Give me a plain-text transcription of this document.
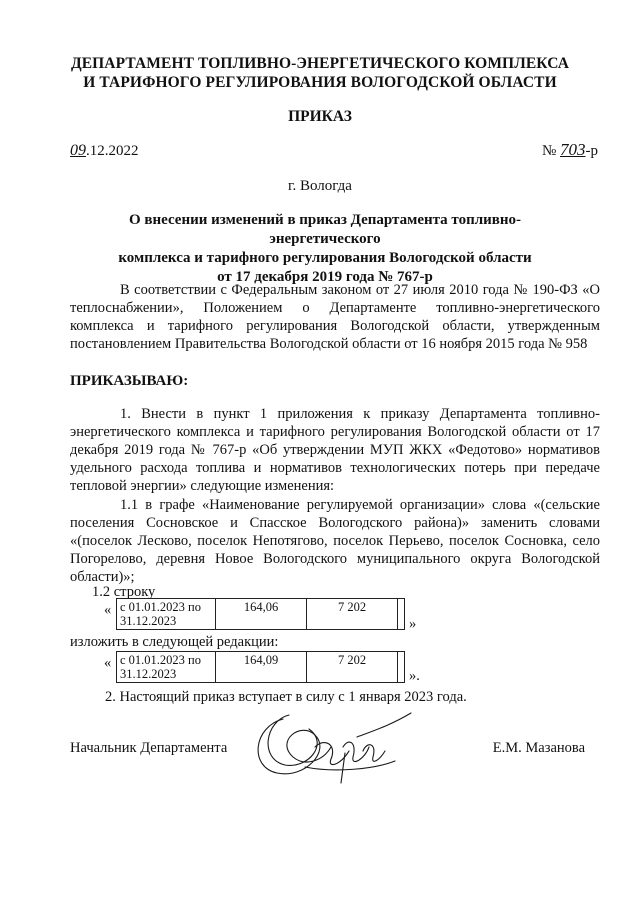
ДЕПАРТАМЕНТ ТОПЛИВНО-ЭНЕРГЕТИЧЕСКОГО КОМПЛЕКСА
И ТАРИФНОГО РЕГУЛИРОВАНИЯ ВОЛОГОДСКОЙ ОБЛАСТИ
ПРИКАЗ
09.12.2022	№ 703-р
г. Вологда
О внесении изменений в приказ Департамента топливно-энергетического
комплекса и тарифного регулирования Вологодской области
от 17 декабря 2019 года № 767-р
В соответствии с Федеральным законом от 27 июля 2010 года № 190-ФЗ «О теплоснабжении», Положением о Департаменте топливно-энергетического комплекса и тарифного регулирования Вологодской области, утвержденным постановлением Правительства Вологодской области от 16 ноября 2015 года № 958
ПРИКАЗЫВАЮ:
1. Внести в пункт 1 приложения к приказу Департамента топливно-энергетического комплекса и тарифного регулирования Вологодской области от 17 декабря 2019 года № 767-р «Об утверждении МУП ЖКХ «Федотово» нормативов удельного расхода топлива и нормативов технологических потерь при передаче тепловой энергии» следующие изменения:
1.1 в графе «Наименование регулируемой организации» слова «(сельские поселения Сосновское и Спасское Вологодского района)» заменить словами «(поселок Лесково, поселок Непотягово, поселок Перьево, поселок Сосновка, село Погорелово, деревня Новое Вологодского муниципального округа Вологодской области)»;
1.2 строку
« с 01.01.2023 по
31.12.2023
	164,06	7 202	
»
изложить в следующей редакции:
« с 01.01.2023 по
31.12.2023
	164,09	7 202	
».
2. Настоящий приказ вступает в силу с 1 января 2023 года.
Начальник Департамента	Е.М. Мазанова
